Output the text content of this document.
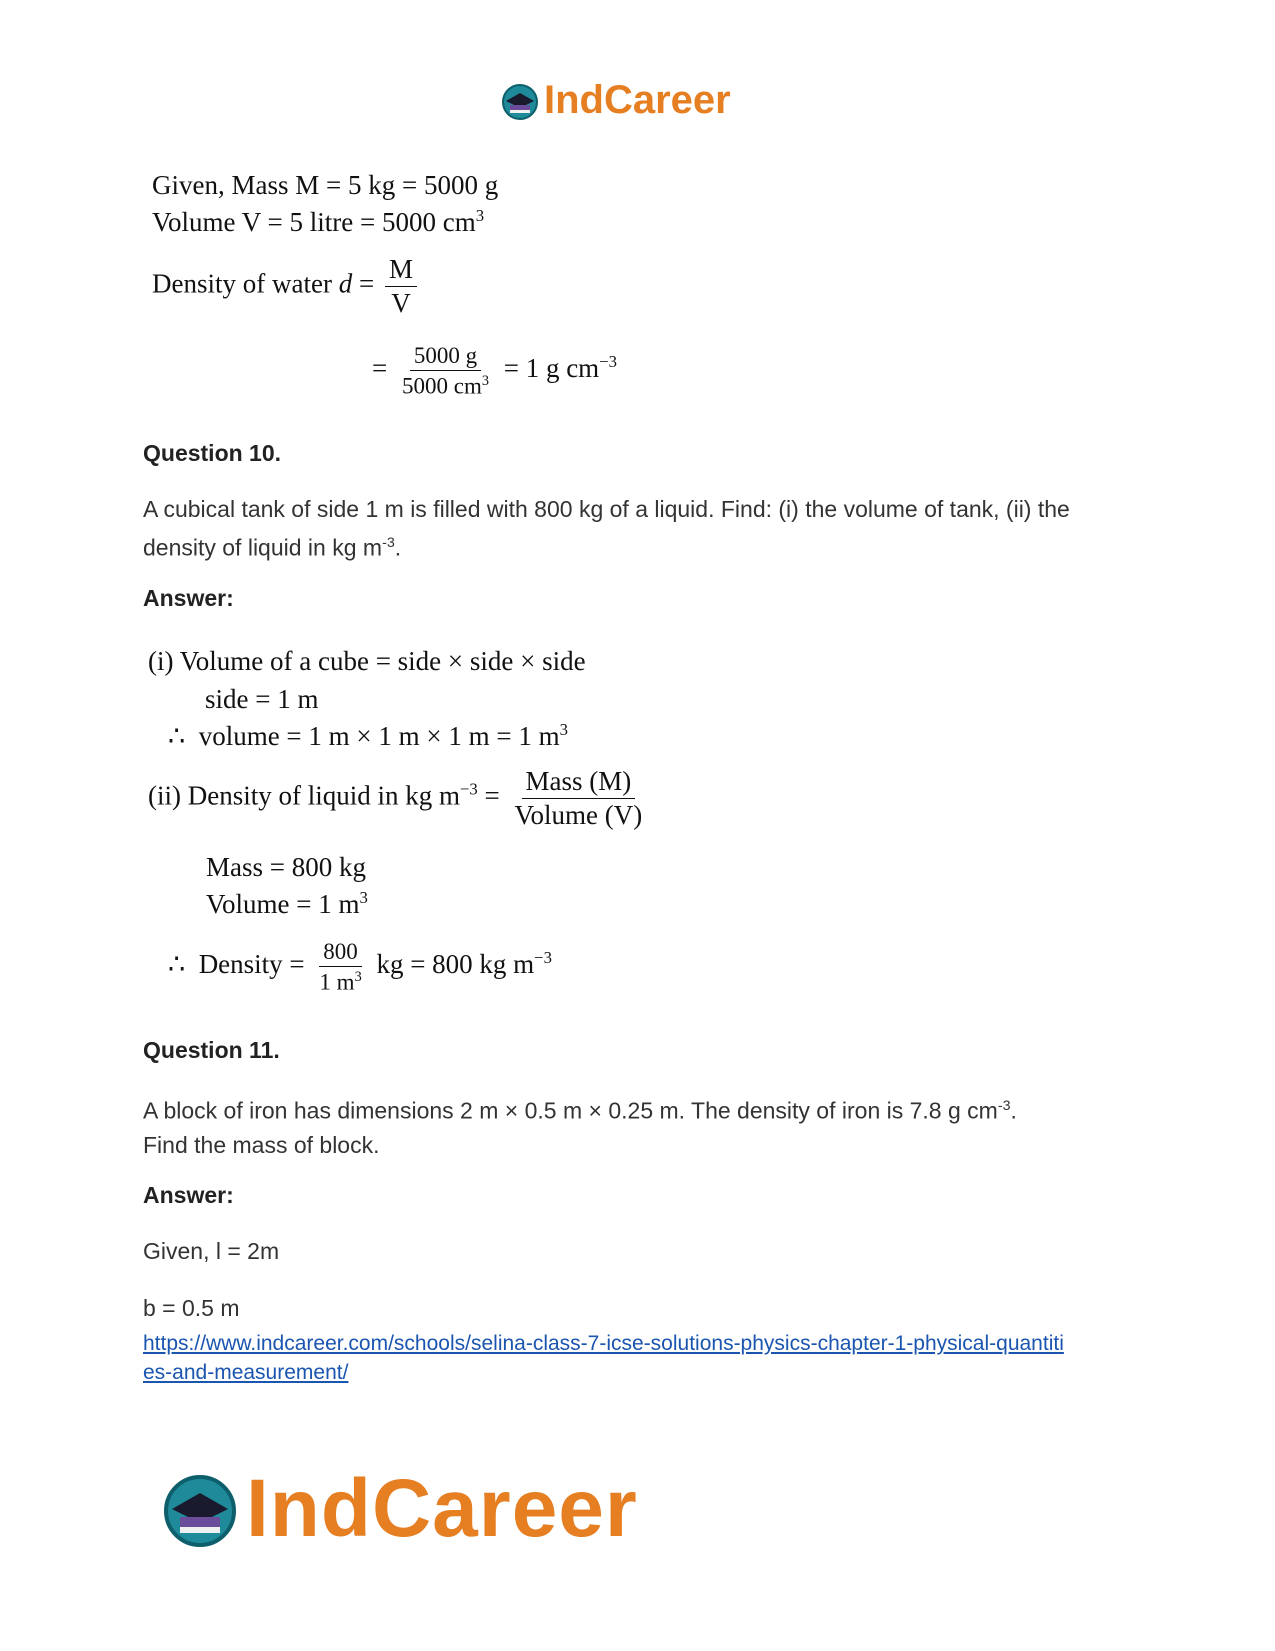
IndCareer
Given, Mass M = 5 kg = 5000 g
Volume V = 5 litre = 5000 $cm^3$
Density of water $d = \frac{M}{V}$
= $\frac{5000 g}{5000 cm^3} = 1$ g $cm^{-3}$
Question 10.
A cubical tank of side 1 m is filled with 800 kg of a liquid. Find: (i) the volume of tank, (ii) the density of liquid in kg $m^{-3}$.
Answer:
(i) Volume of a cube = side × side × side
side = 1 m
∴ volume = 1 m × 1 m × 1 m = 1 $m^3$
(ii) Density of liquid in kg $m^{-3} = \frac{\text{Mass (M)}}{\text{Volume (V)}}$
Mass = 800 kg
Volume = 1 $m^3$
∴ Density = $\frac{800}{1 m^3}$ kg = 800 kg $m^{-3}$
Question 11.
A block of iron has dimensions 2 m × 0.5 m × 0.25 m. The density of iron is 7.8 g $cm^{-3}$.
Find the mass of block.
Answer:
Given, l = 2m
b = 0.5 m
https://www.indcareer.com/schools/selina-class-7-icse-solutions-physics-chapter-1-physical-quantities-and-measurement/
IndCareer
